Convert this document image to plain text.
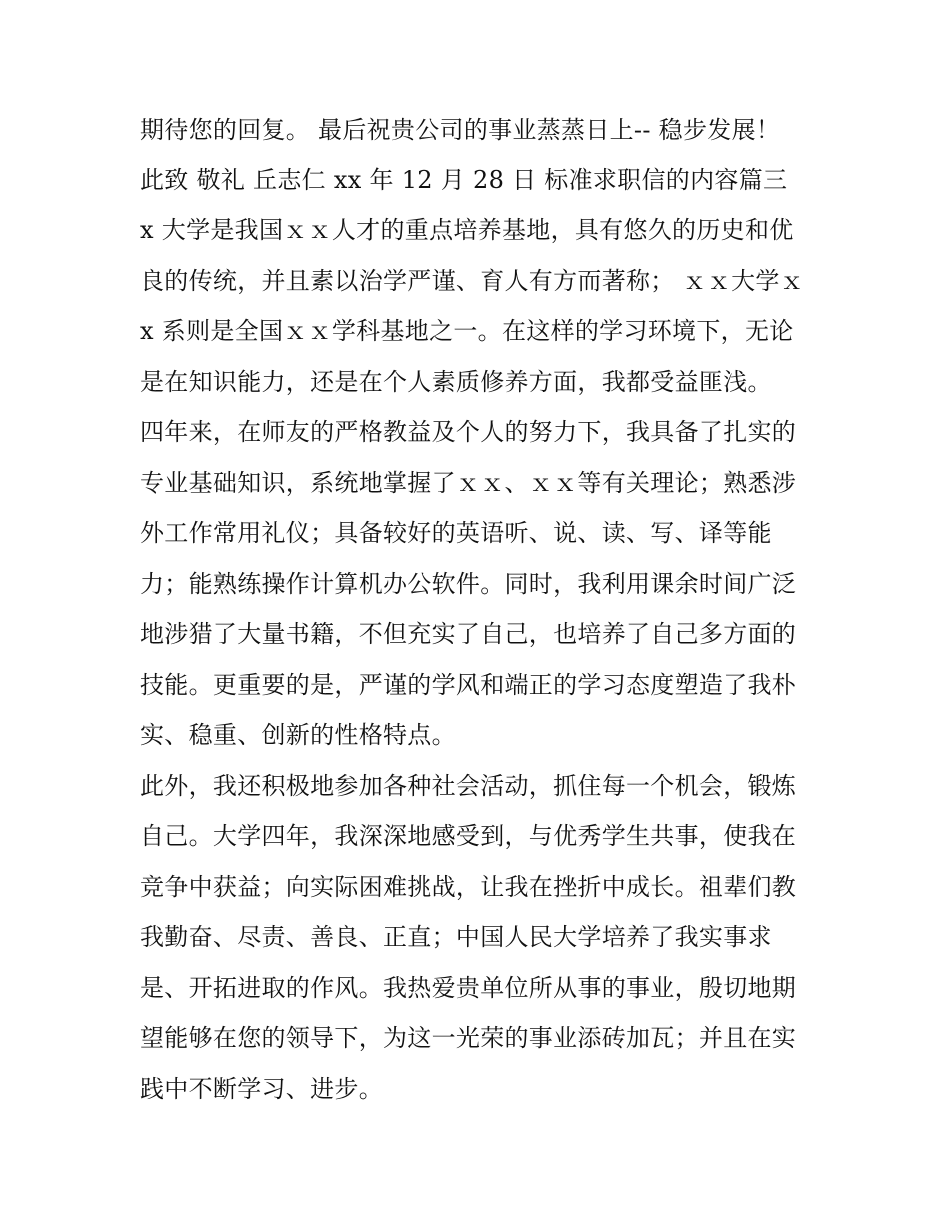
期待您的回复。 最后祝贵公司的事业蒸蒸日上-- 稳步发展！
此致 敬礼 丘志仁 xx 年 12 月 28 日 标准求职信的内容篇三
x 大学是我国ｘｘ人才的重点培养基地，具有悠久的历史和优
良的传统，并且素以治学严谨、育人有方而著称； ｘｘ大学ｘ
x 系则是全国ｘｘ学科基地之一。在这样的学习环境下，无论
是在知识能力，还是在个人素质修养方面，我都受益匪浅。
四年来，在师友的严格教益及个人的努力下，我具备了扎实的
专业基础知识，系统地掌握了ｘｘ、ｘｘ等有关理论；熟悉涉
外工作常用礼仪；具备较好的英语听、说、读、写、译等能
力；能熟练操作计算机办公软件。同时，我利用课余时间广泛
地涉猎了大量书籍，不但充实了自己，也培养了自己多方面的
技能。更重要的是，严谨的学风和端正的学习态度塑造了我朴
实、稳重、创新的性格特点。
此外，我还积极地参加各种社会活动，抓住每一个机会，锻炼
自己。大学四年，我深深地感受到，与优秀学生共事，使我在
竞争中获益；向实际困难挑战，让我在挫折中成长。祖辈们教
我勤奋、尽责、善良、正直；中国人民大学培养了我实事求
是、开拓进取的作风。我热爱贵单位所从事的事业，殷切地期
望能够在您的领导下，为这一光荣的事业添砖加瓦；并且在实
践中不断学习、进步。
